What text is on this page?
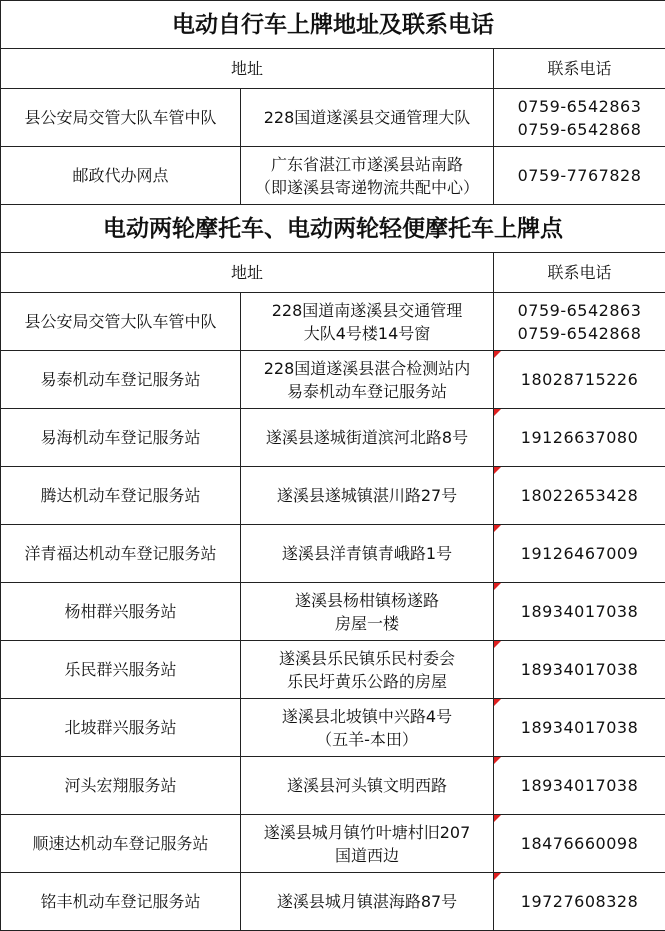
电动自行车上牌地址及联系电话		
地址		联系电话
县公安局交管大队车管中队	228国道遂溪县交通管理大队	0759-6542863
0759-6542868

邮政代办网点	广东省湛江市遂溪县站南路
（即遂溪县寄递物流共配中心）	0759-7767828
电动两轮摩托车、电动两轮轻便摩托车上牌点		
地址		联系电话
县公安局交管大队车管中队	228国道南遂溪县交通管理
大队4号楼14号窗	0759-6542863
0759-6542868

易泰机动车登记服务站	228国道遂溪县湛合检测站内
易泰机动车登记服务站	18028715226
易海机动车登记服务站	遂溪县遂城街道滨河北路8号	19126637080
腾达机动车登记服务站	遂溪县遂城镇湛川路27号	18022653428
洋青福达机动车登记服务站	遂溪县洋青镇青峨路1号	19126467009
杨柑群兴服务站	遂溪县杨柑镇杨遂路
房屋一楼	18934017038
乐民群兴服务站	遂溪县乐民镇乐民村委会
乐民圩黄乐公路的房屋	18934017038
北坡群兴服务站	遂溪县北坡镇中兴路4号
（五羊-本田）	18934017038
河头宏翔服务站	遂溪县河头镇文明西路	18934017038
顺速达机动车登记服务站	遂溪县城月镇竹叶塘村旧207
国道西边	18476660098
铭丰机动车登记服务站	遂溪县城月镇湛海路87号	19727608328
